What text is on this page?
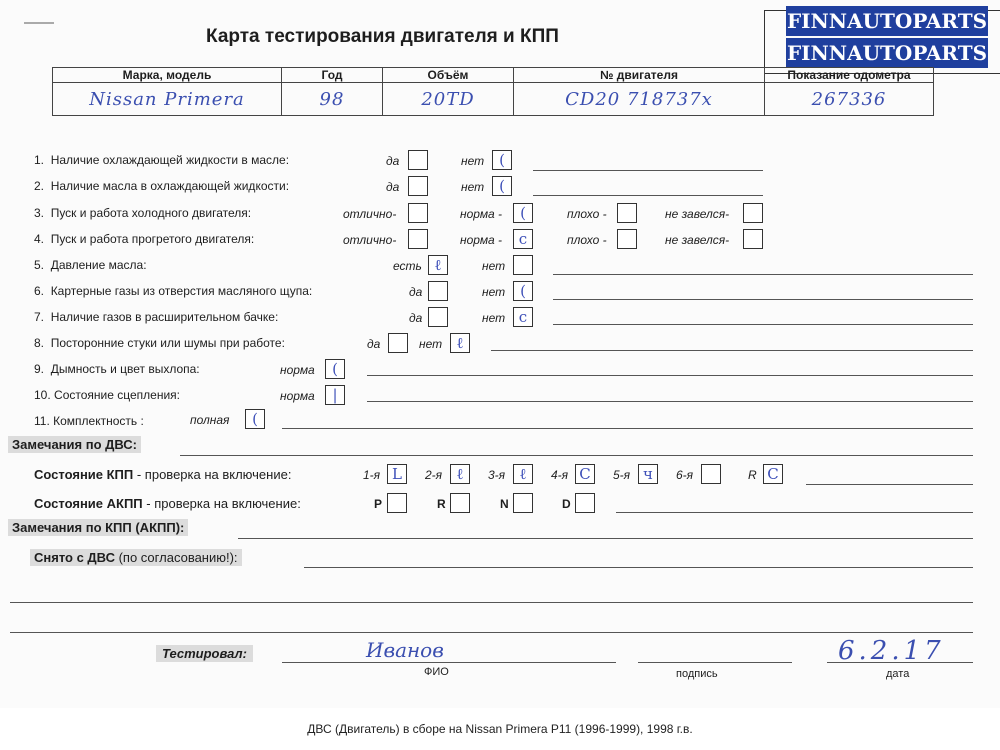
Карта тестирования двигателя и КПП
FINNAUTOPARTS
FINNAUTOPARTS
Марка, модель	Год	Объём	№ двигателя	Показание одометра
Nissan Primera	98	20TD	CD20 718737x	267336
1. Наличие охлаждающей жидкости в масле:	да	нет (
2. Наличие масла в охлаждающей жидкости:	да	нет (
3. Пуск и работа холодного двигателя:	отлично-	норма -	(	плохо -	не завелся-
4. Пуск и работа прогретого двигателя:	отлично-	норма -	c	плохо -	не завелся-
5. Давление масла:	есть ℓ	нет
6. Картерные газы из отверстия масляного щупа:	да	нет (
7. Наличие газов в расширительном бачке:	да	нет c
8. Посторонние стуки или шумы при работе:	да	нет ℓ
9. Дымность и цвет выхлопа:	норма	(
10. Состояние сцепления:	норма	|
11. Комплектность :	полная	(
Замечания по ДВС:
Состояние КПП - проверка на включение:	1-я L	2-я ℓ	3-я ℓ	4-я C	5-я ч	6-я	R C
Состояние АКПП - проверка на включение:	P	R	N	D
Замечания по КПП (АКПП):
Снято с ДВС (по согласованию!):
Тестировал:	Иванов	6.2.17
ФИО	подпись	дата
ДВС (Двигатель) в сборе на Nissan Primera P11 (1996-1999), 1998 г.в.
